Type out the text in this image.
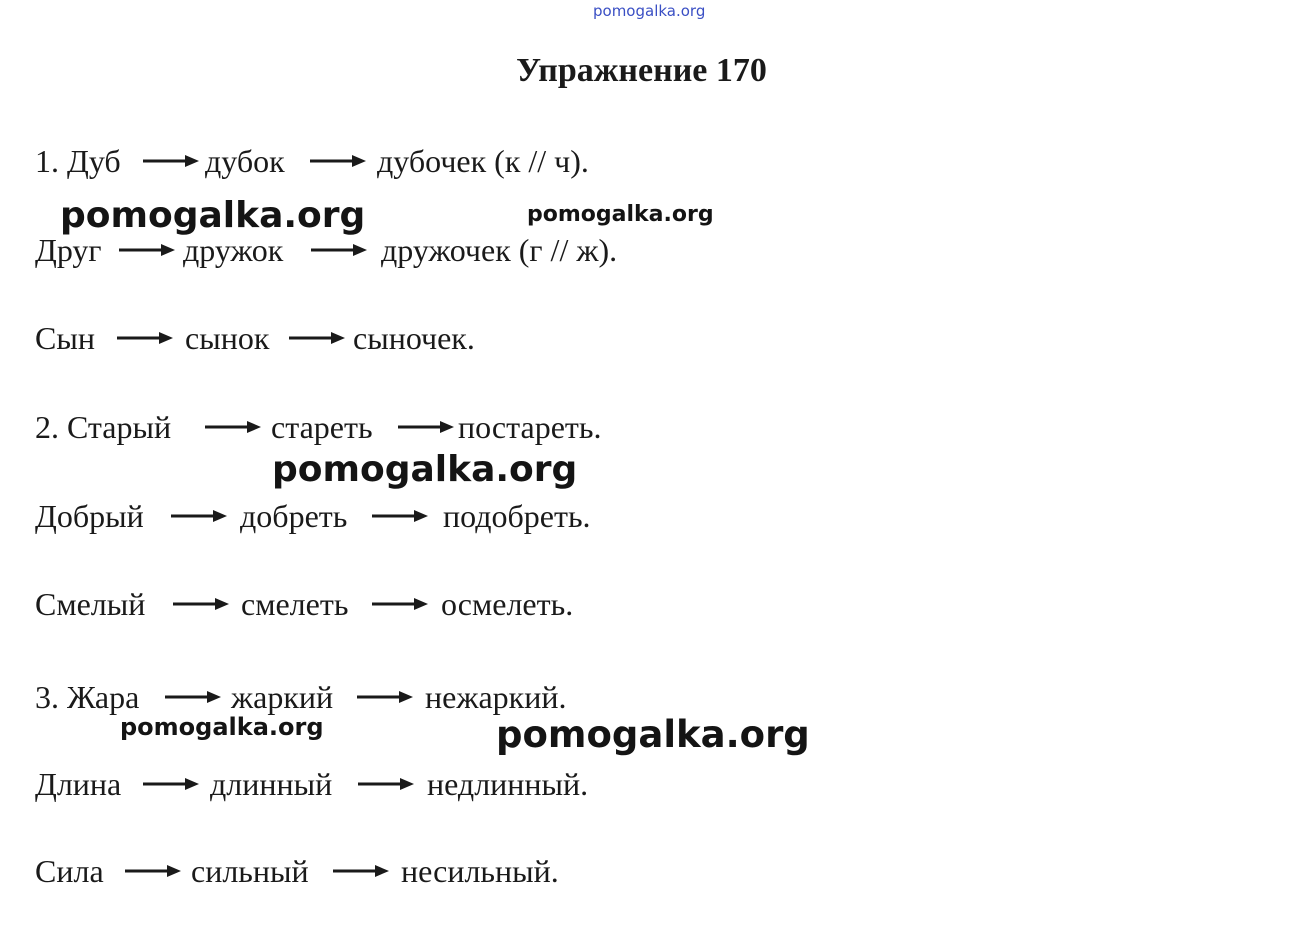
pomogalka.org
Упражнение 170
1. Дуб	дубок	дубочек (к // ч).
Друг	дружок	дружочек (г // ж).
Сын	сынок	сыночек.
2. Старый	стареть	постареть.
Добрый	добреть	подобреть.
Смелый	смелеть	осмелеть.
3. Жара	жаркий	нежаркий.
Длина	длинный	недлинный.
Сила	сильный	несильный.
pomogalka.org	pomogalka.org
pomogalka.org
pomogalka.org	pomogalka.org
